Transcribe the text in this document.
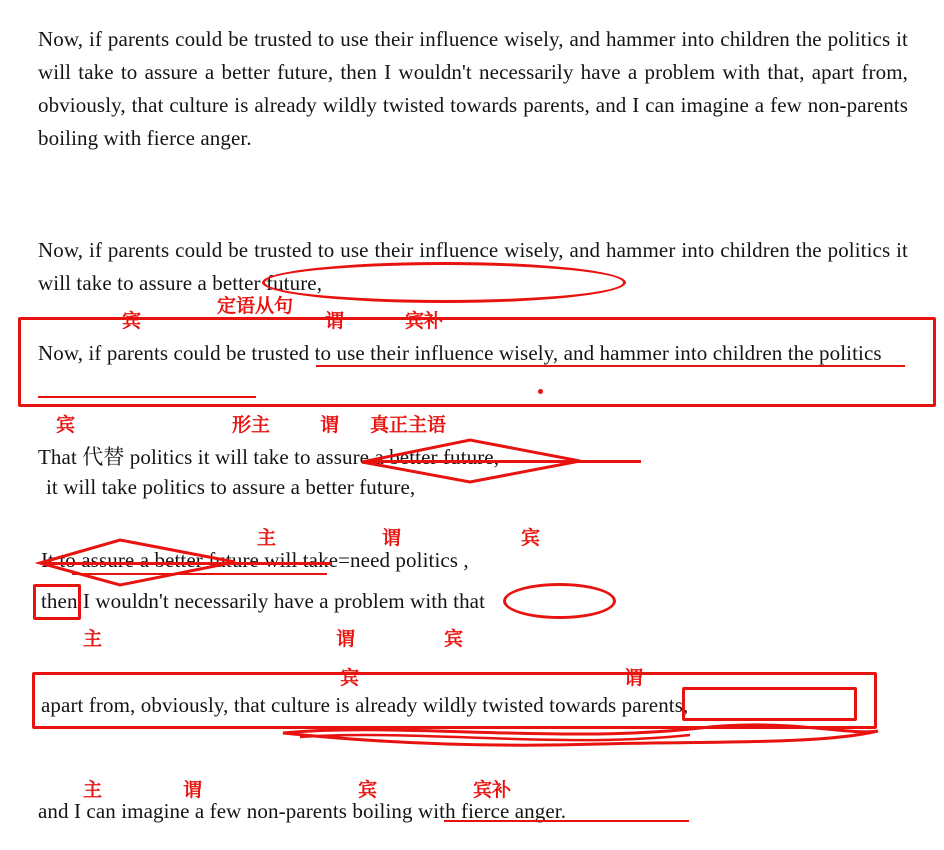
Now, if parents could be trusted to use their influence wisely, and hammer into children the politics it will take to assure a better future, then I wouldn't necessarily have a problem with that, apart from, obviously, that culture is already wildly twisted towards parents, and I can imagine a few non-parents boiling with fierce anger.
Now, if parents could be trusted to use their influence wisely, and hammer into children the politics it will take to assure a better future,
Now, if parents could be trusted to use their influence wisely, and hammer into children the politics
That 代替 politics it will take to assure a better future,
it will take politics to assure a better future,
It to assure a better future will take=need politics ,
then I wouldn't necessarily have a problem with that
apart from, obviously, that culture is already wildly twisted towards parents,
and I can imagine a few non-parents boiling with fierce anger.
定语从句
宾	谓	宾补
宾	形主	谓 真正主语
主	谓	宾
主	谓	宾
宾	谓
主	谓	宾	宾补
